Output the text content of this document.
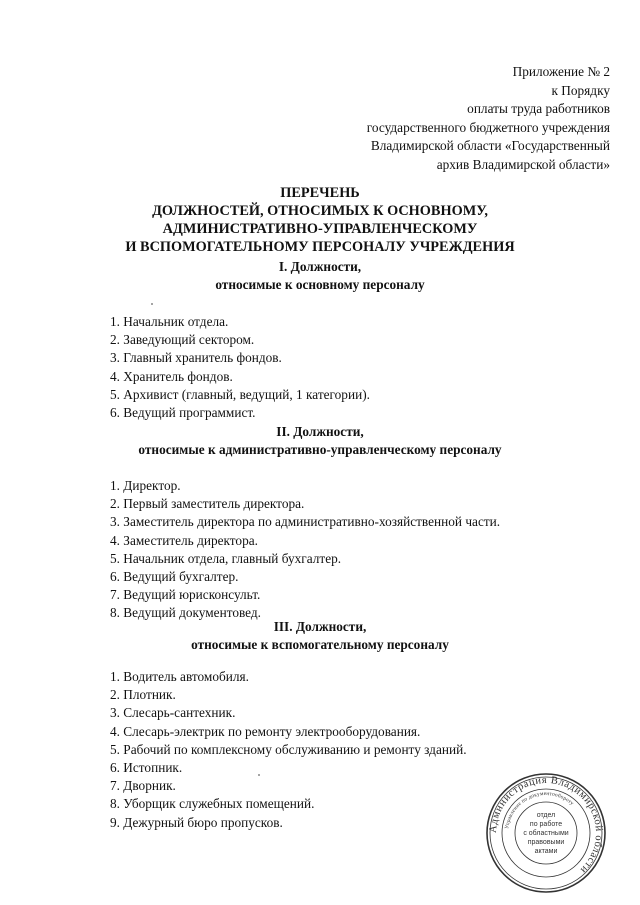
Приложение № 2
к Порядку
оплаты труда работников
государственного бюджетного учреждения
Владимирской области «Государственный
архив Владимирской области»
ПЕРЕЧЕНЬ
ДОЛЖНОСТЕЙ, ОТНОСИМЫХ К ОСНОВНОМУ,
АДМИНИСТРАТИВНО-УПРАВЛЕНЧЕСКОМУ
И ВСПОМОГАТЕЛЬНОМУ ПЕРСОНАЛУ УЧРЕЖДЕНИЯ
I. Должности,
относимые к основному персоналу
1. Начальник отдела.
2. Заведующий сектором.
3. Главный хранитель фондов.
4. Хранитель фондов.
5. Архивист (главный, ведущий, 1 категории).
6. Ведущий программист.
II. Должности,
относимые к административно-управленческому персоналу
1. Директор.
2. Первый заместитель директора.
3. Заместитель директора по административно-хозяйственной части.
4. Заместитель директора.
5. Начальник отдела, главный бухгалтер.
6. Ведущий бухгалтер.
7. Ведущий юрисконсульт.
8. Ведущий документовед.
III. Должности,
относимые к вспомогательному персоналу
1. Водитель автомобиля.
2. Плотник.
3. Слесарь-сантехник.
4. Слесарь-электрик по ремонту электрооборудования.
5. Рабочий по комплексному обслуживанию и ремонту зданий.
6. Истопник.
7. Дворник.
8. Уборщик служебных помещений.
9. Дежурный бюро пропусков.	Администрация Владимирской области
Управление по документообороту
отдел
по работе
с областными
правовыми
актами
